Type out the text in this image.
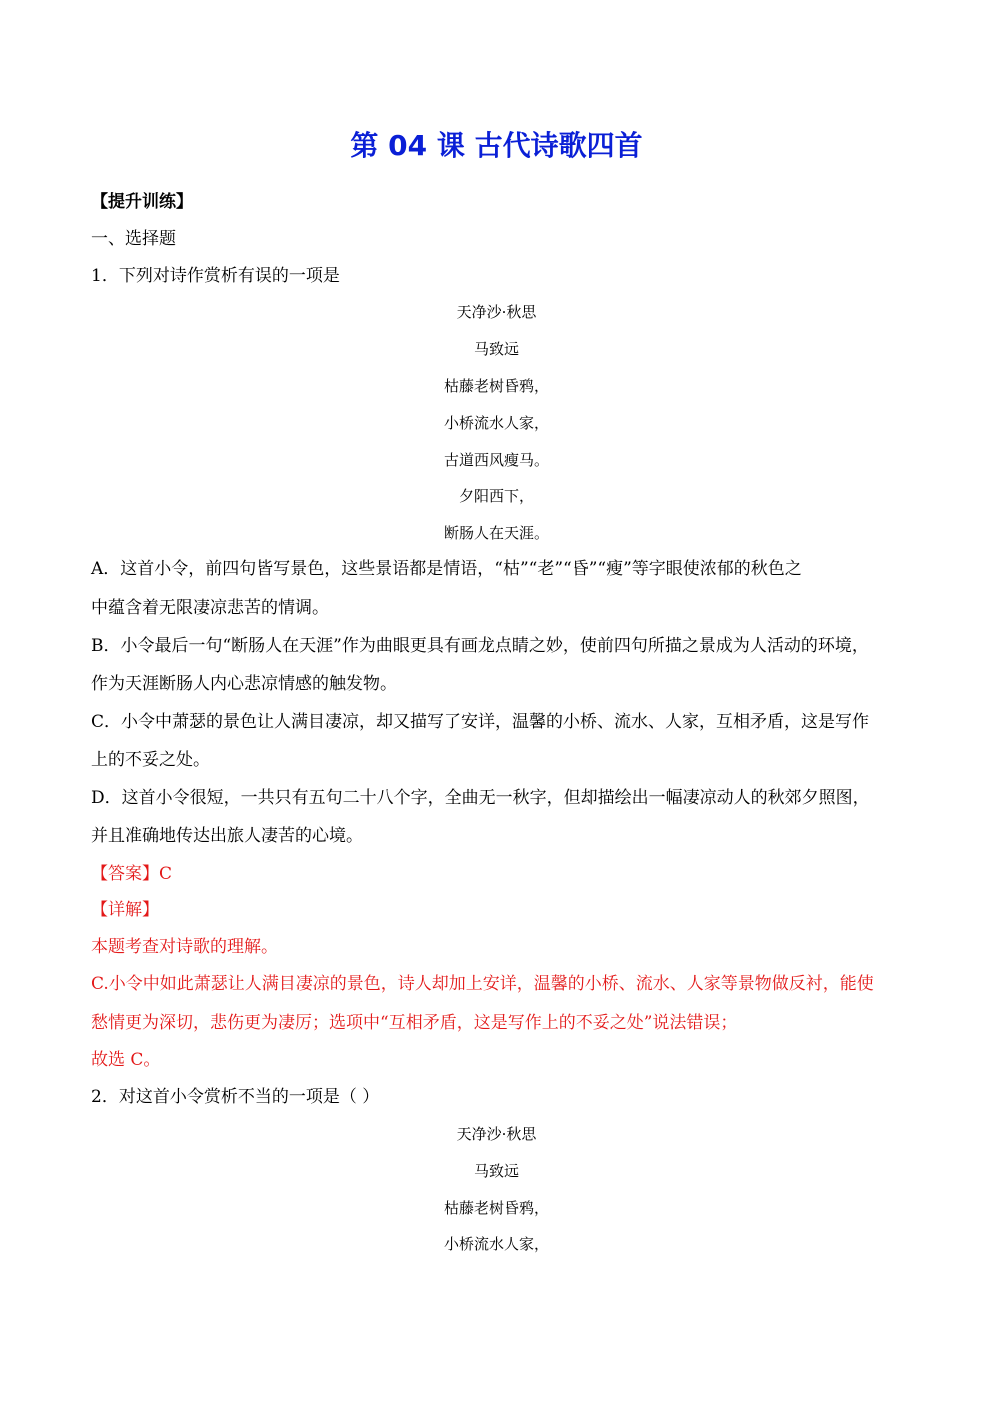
第 04 课 古代诗歌四首
【提升训练】
一、选择题
1．下列对诗作赏析有误的一项是
天净沙·秋思
马致远
枯藤老树昏鸦，
小桥流水人家，
古道西风瘦马。
夕阳西下，
断肠人在天涯。
A．这首小令，前四句皆写景色，这些景语都是情语，“枯”“老”“昏”“瘦”等字眼使浓郁的秋色之
中蕴含着无限凄凉悲苦的情调。
B．小令最后一句“断肠人在天涯”作为曲眼更具有画龙点睛之妙，使前四句所描之景成为人活动的环境，
作为天涯断肠人内心悲凉情感的触发物。
C．小令中萧瑟的景色让人满目凄凉，却又描写了安详，温馨的小桥、流水、人家，互相矛盾，这是写作
上的不妥之处。
D．这首小令很短，一共只有五句二十八个字，全曲无一秋字，但却描绘出一幅凄凉动人的秋郊夕照图，
并且准确地传达出旅人凄苦的心境。
【答案】C
【详解】
本题考查对诗歌的理解。
C.小令中如此萧瑟让人满目凄凉的景色，诗人却加上安详，温馨的小桥、流水、人家等景物做反衬，能使
愁情更为深切，悲伤更为凄厉；选项中“互相矛盾，这是写作上的不妥之处”说法错误；
故选 C。
2．对这首小令赏析不当的一项是（ ）
天净沙·秋思
马致远
枯藤老树昏鸦，
小桥流水人家，
